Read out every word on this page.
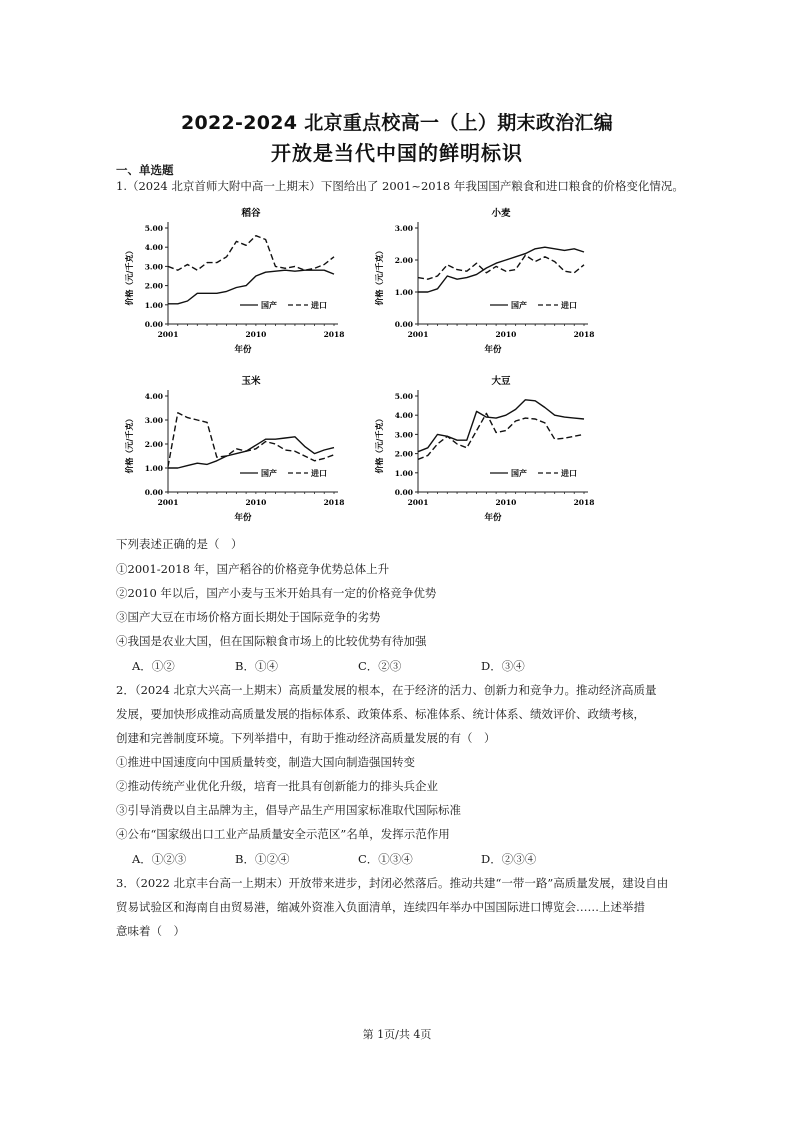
2022-2024 北京重点校高一（上）期末政治汇编
开放是当代中国的鲜明标识
一、单选题
1.（2024 北京首师大附中高一上期末）下图给出了 2001~2018 年我国国产粮食和进口粮食的价格变化情况。
稻谷
0.00
1.00
2.00
3.00
4.00
5.00
2001	2010	2018
年份
价格（元/千克）	国产	进口
小麦
0.00
1.00
2.00
3.00
2001	2010	2018
年份
价格（元/千克）	国产	进口
玉米
0.00
1.00
2.00
3.00
4.00
2001	2010	2018
年份
价格（元/千克）	国产	进口
大豆
0.00
1.00
2.00
3.00
4.00
5.00
2001	2010	2018
年份
价格（元/千克）	国产	进口
下列表述正确的是（　）
①2001-2018 年，国产稻谷的价格竞争优势总体上升
②2010 年以后，国产小麦与玉米开始具有一定的价格竞争优势
③国产大豆在市场价格方面长期处于国际竞争的劣势
④我国是农业大国，但在国际粮食市场上的比较优势有待加强
A．①②	B．①④	C．②③	D．③④
2．（2024 北京大兴高一上期末）高质量发展的根本，在于经济的活力、创新力和竞争力。推动经济高质量
发展，要加快形成推动高质量发展的指标体系、政策体系、标准体系、统计体系、绩效评价、政绩考核，
创建和完善制度环境。下列举措中，有助于推动经济高质量发展的有（　）
①推进中国速度向中国质量转变，制造大国向制造强国转变
②推动传统产业优化升级，培育一批具有创新能力的排头兵企业
③引导消费以自主品牌为主，倡导产品生产用国家标准取代国际标准
④公布“国家级出口工业产品质量安全示范区”名单，发挥示范作用
A．①②③	B．①②④	C．①③④	D．②③④
3．（2022 北京丰台高一上期末）开放带来进步，封闭必然落后。推动共建“一带一路”高质量发展，建设自由
贸易试验区和海南自由贸易港，缩减外资准入负面清单，连续四年举办中国国际进口博览会……上述举措
意味着（　）
第 1页/共 4页
